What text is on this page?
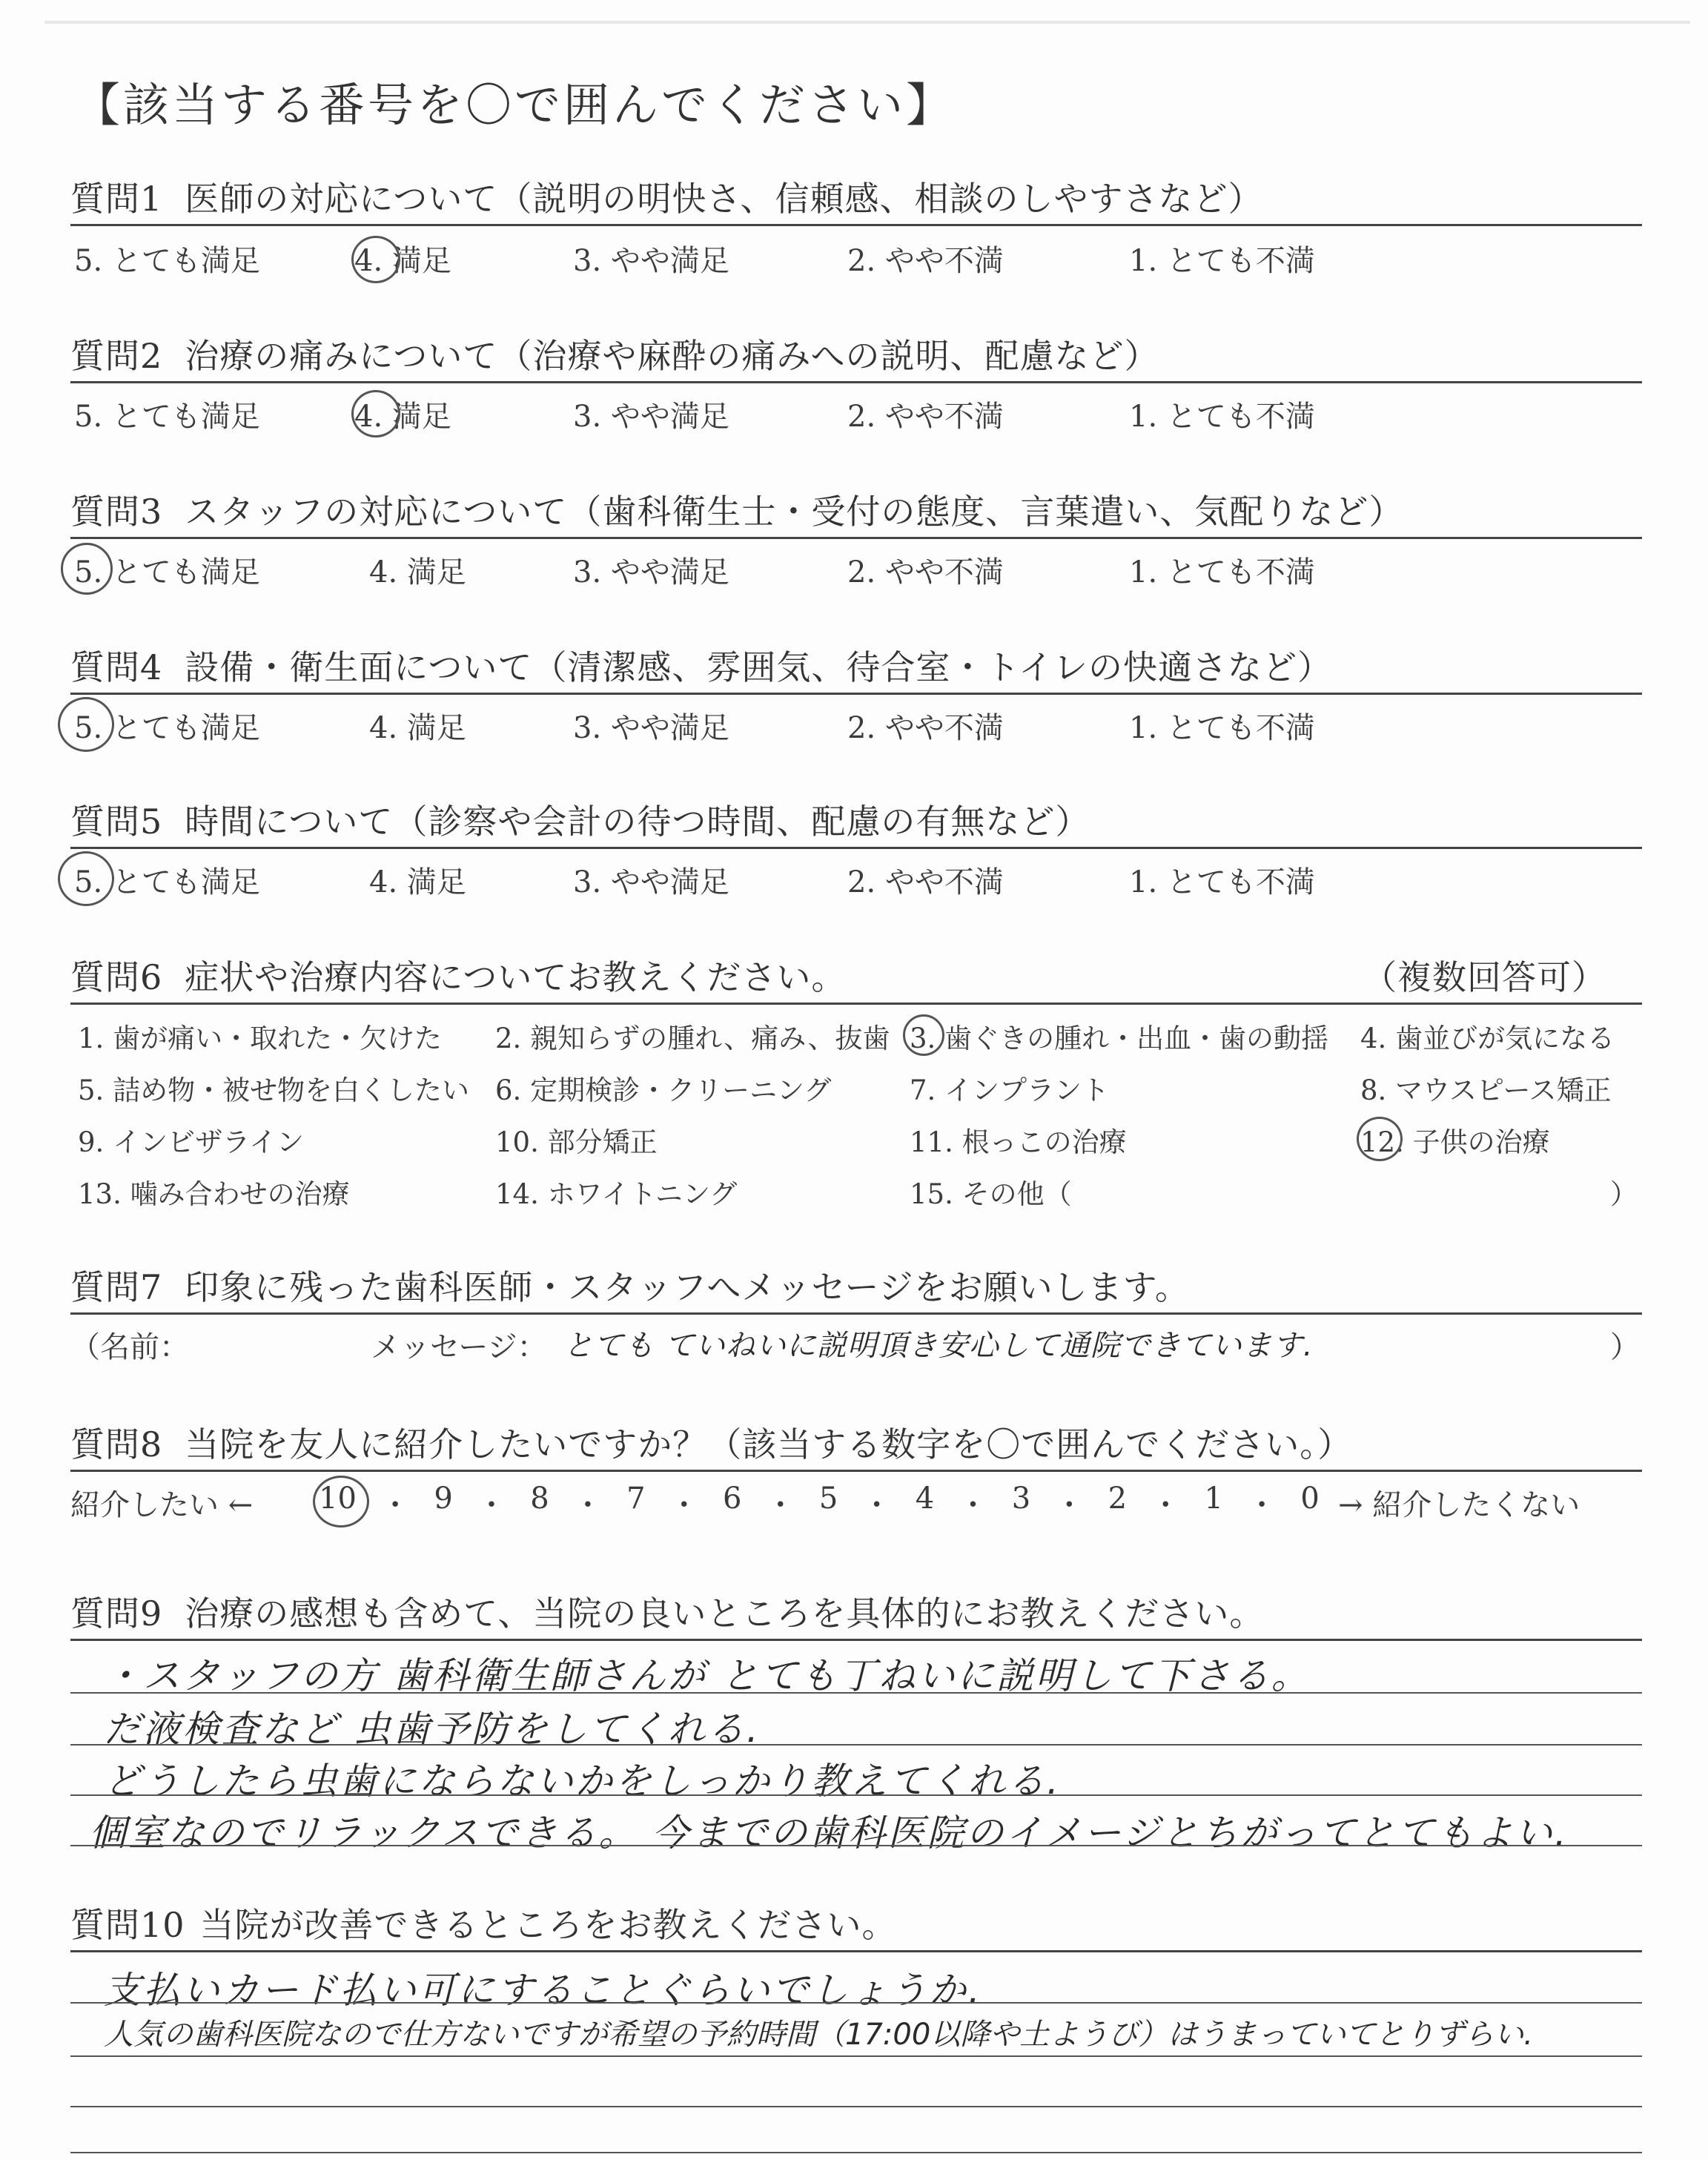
【該当する番号を〇で囲んでください】
質問1 医師の対応について（説明の明快さ、信頼感、相談のしやすさなど）
5. とても満足	4. 満足	3. やや満足	2. やや不満	1. とても不満
質問2 治療の痛みについて（治療や麻酔の痛みへの説明、配慮など）
5. とても満足	4. 満足	3. やや満足	2. やや不満	1. とても不満
質問3 スタッフの対応について（歯科衛生士・受付の態度、言葉遣い、気配りなど）
5. とても満足	4. 満足	3. やや満足	2. やや不満	1. とても不満
質問4 設備・衛生面について（清潔感、雰囲気、待合室・トイレの快適さなど）
5. とても満足	4. 満足	3. やや満足	2. やや不満	1. とても不満
質問5 時間について（診察や会計の待つ時間、配慮の有無など）
5. とても満足	4. 満足	3. やや満足	2. やや不満	1. とても不満
質問6 症状や治療内容についてお教えください。	（複数回答可）
1. 歯が痛い・取れた・欠けた 2. 親知らずの腫れ、痛み、抜歯 3. 歯ぐきの腫れ・出血・歯の動揺 4. 歯並びが気になる
5. 詰め物・被せ物を白くしたい 6. 定期検診・クリーニング	7. インプラント	8. マウスピース矯正
9. インビザライン	10. 部分矯正	11. 根っこの治療	12. 子供の治療
13. 噛み合わせの治療	14. ホワイトニング	15. その他（	）
質問7 印象に残った歯科医師・スタッフへメッセージをお願いします。
（名前：	メッセージ： とても ていねいに説明頂き安心して通院できています.	）
質問8 当院を友人に紹介したいですか？（該当する数字を〇で囲んでください。）
紹介したい ←	→ 紹介したくない
10 ・ 9 ・ 8 ・ 7 ・ 6 ・ 5 ・ 4 ・ 3 ・ 2 ・ 1 ・ 0
質問9 治療の感想も含めて、当院の良いところを具体的にお教えください。
・スタッフの方 歯科衛生師さんが とても丁ねいに説明して下さる。
だ液検査など 虫歯予防をしてくれる.
どうしたら虫歯にならないかをしっかり教えてくれる.
個室なのでリラックスできる。 今までの歯科医院のイメージとちがってとてもよい.
質問10 当院が改善できるところをお教えください。
支払いカード払い可にすることぐらいでしょうか.
人気の歯科医院なので仕方ないですが希望の予約時間（17:00以降や土ようび）はうまっていてとりずらい.
